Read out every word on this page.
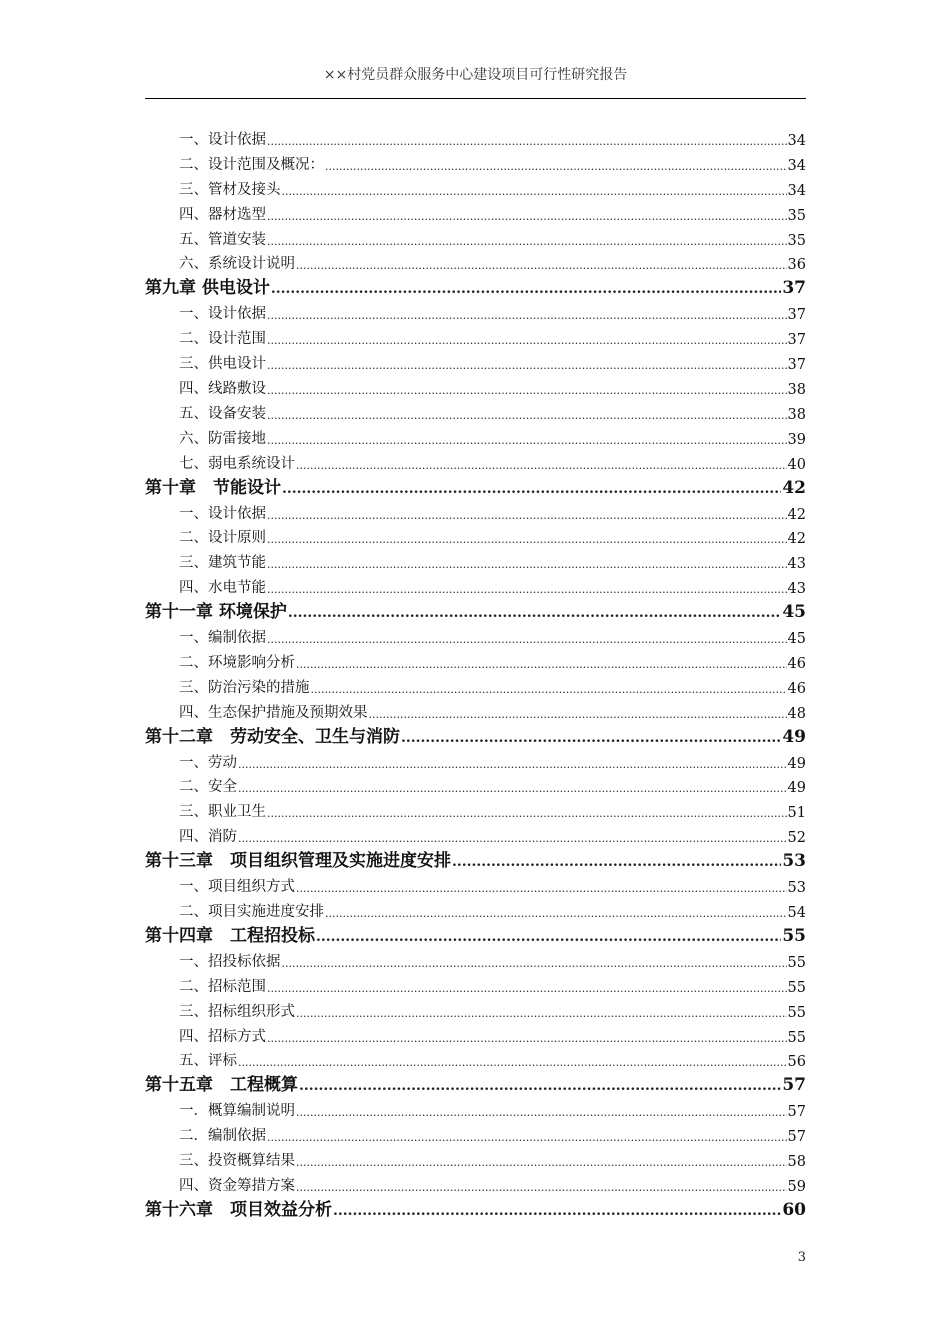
××村党员群众服务中心建设项目可行性研究报告
一、设计依据 .....	34
二、设计范围及概况： .....	34
三、管材及接头 .....	34
四、器材选型 .....	35
五、管道安装 .....	35
六、系统设计说明 .....	36
第九章 供电设计 .....	37
一、设计依据 .....	37
二、设计范围 .....	37
三、供电设计 .....	37
四、线路敷设 .....	38
五、设备安装 .....	38
六、防雷接地 .....	39
七、弱电系统设计 .....	40
第十章　节能设计 .....	42
一、设计依据 .....	42
二、设计原则 .....	42
三、建筑节能 .....	43
四、水电节能 .....	43
第十一章 环境保护 .....	45
一、编制依据 .....	45
二、环境影响分析 .....	46
三、防治污染的措施 .....	46
四、生态保护措施及预期效果 .....	48
第十二章　劳动安全、卫生与消防 .....	49
一、劳动 .....	49
二、安全 .....	49
三、职业卫生 .....	51
四、消防 .....	52
第十三章　项目组织管理及实施进度安排 .....	53
一、项目组织方式 .....	53
二、项目实施进度安排 .....	54
第十四章　工程招投标 .....	55
一、招投标依据 .....	55
二、招标范围 .....	55
三、招标组织形式 .....	55
四、招标方式 .....	55
五、评标 .....	56
第十五章　工程概算 .....	57
一．概算编制说明 .....	57
二．编制依据 .....	57
三、投资概算结果 .....	58
四、资金筹措方案 .....	59
第十六章　项目效益分析 .....	60
3
